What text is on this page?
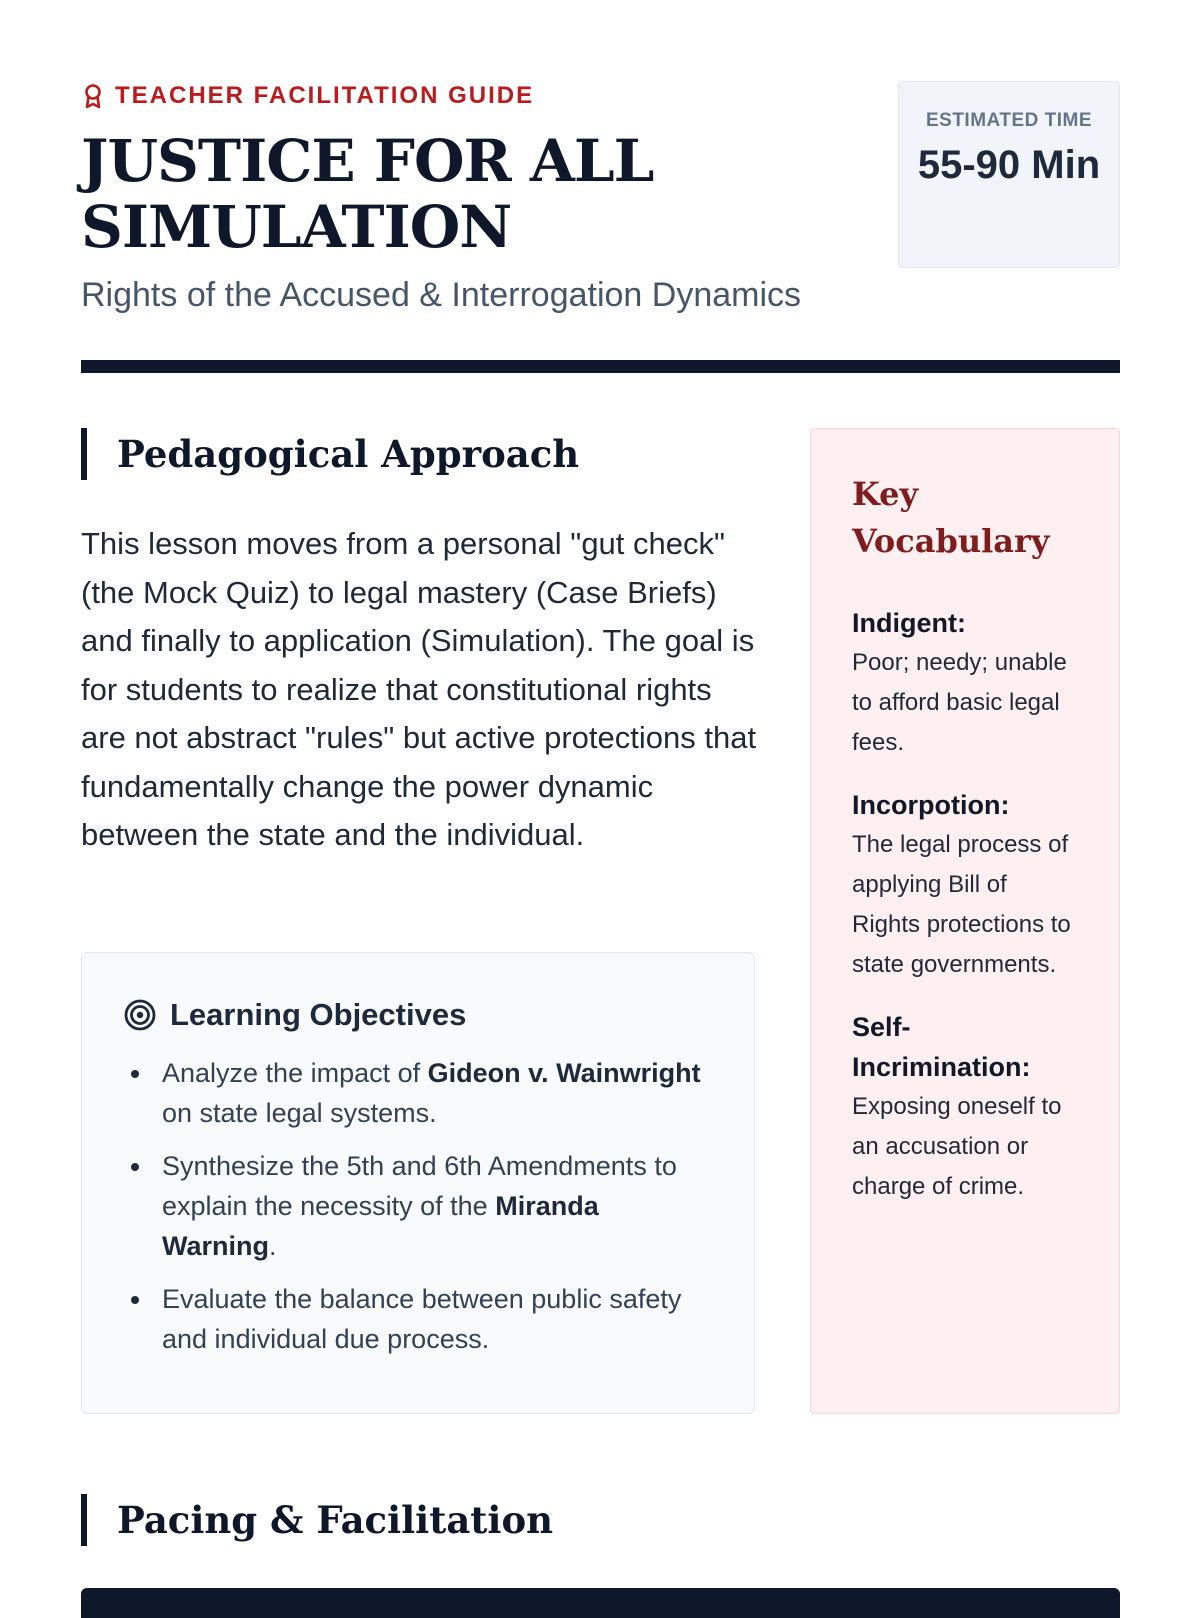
TEACHER FACILITATION GUIDE
JUSTICE FOR ALL SIMULATION

Rights of the Accused & Interrogation Dynamics

ESTIMATED TIME
55-90 Min
Pedagogical Approach

This lesson moves from a personal "gut check" (the Mock Quiz) to legal mastery (Case Briefs) and finally to application (Simulation). The goal is for students to realize that constitutional rights are not abstract "rules" but active protections that fundamentally change the power dynamic between the state and the individual.

Learning Objectives
Analyze the impact of Gideon v. Wainwright on state legal systems.
Synthesize the 5th and 6th Amendments to explain the necessity of the Miranda Warning.
Evaluate the balance between public safety and individual due process.
Key Vocabulary
Indigent:
Poor; needy; unable to afford basic legal fees.
Incorpotion:
The legal process of applying Bill of Rights protections to state governments.
Self-Incrimination:
Exposing oneself to an accusation or charge of crime.
Pacing & Facilitation
